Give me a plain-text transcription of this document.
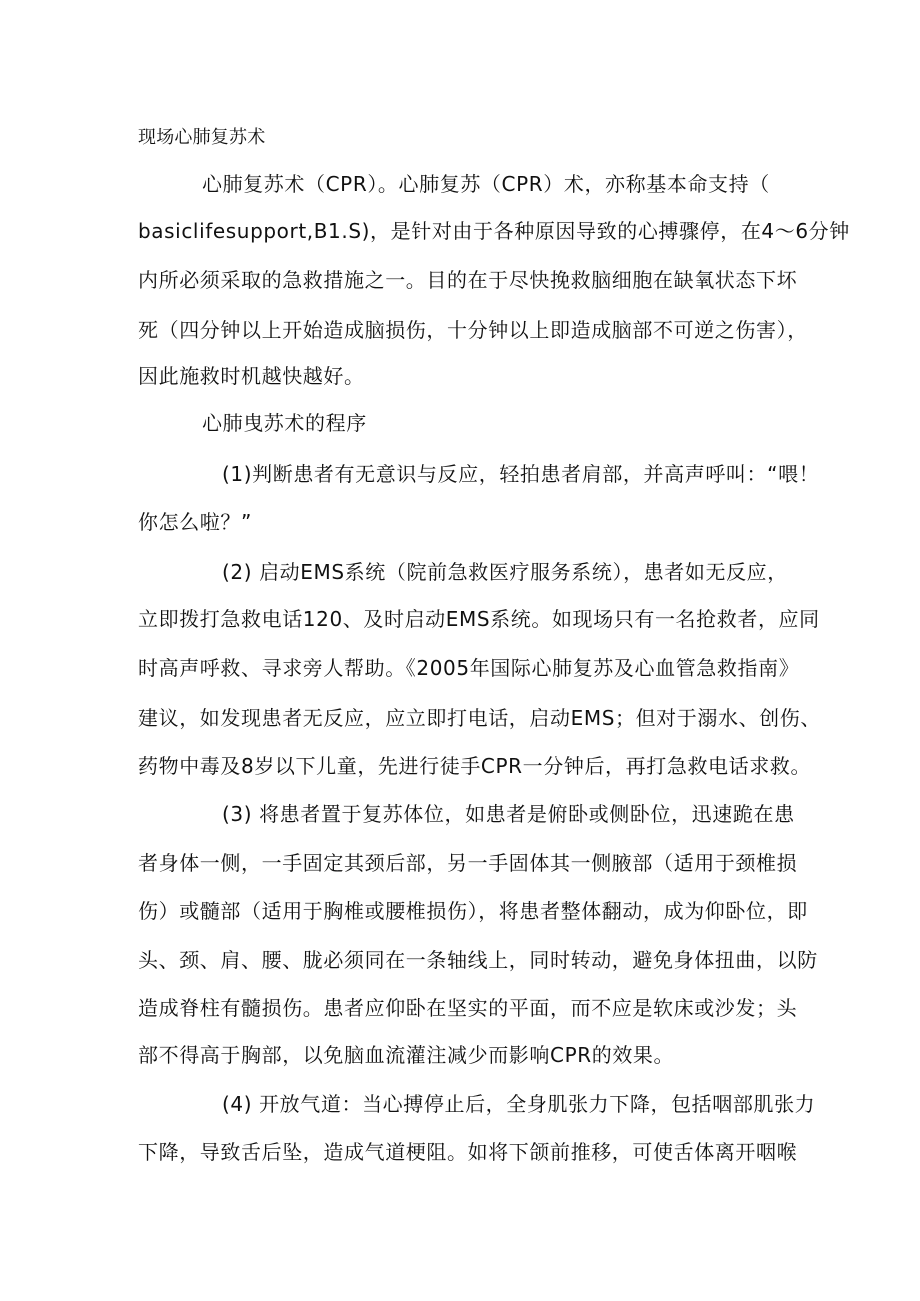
现场心肺复苏术
心肺复苏术（CPR）。心肺复苏（CPR）术，亦称基本命支持（
basiclifesupport,B1.S)，是针对由于各种原因导致的心搏骤停，在4～6分钟
内所必须采取的急救措施之一。目的在于尽快挽救脑细胞在缺氧状态下坏
死（四分钟以上开始造成脑损伤，十分钟以上即造成脑部不可逆之伤害），
因此施救时机越快越好。
心肺曳苏术的程序
(1)判断患者有无意识与反应，轻拍患者肩部，并高声呼叫：“喂！
你怎么啦？”
(2) 启动EMS系统（院前急救医疗服务系统），患者如无反应，
立即拨打急救电话120、及时启动EMS系统。如现场只有一名抢救者，应同
时高声呼救、寻求旁人帮助。《2005年国际心肺复苏及心血管急救指南》
建议，如发现患者无反应，应立即打电话，启动EMS；但对于溺水、创伤、
药物中毒及8岁以下儿童，先进行徒手CPR一分钟后，再打急救电话求救。
(3) 将患者置于复苏体位，如患者是俯卧或侧卧位，迅速跪在患
者身体一侧，一手固定其颈后部，另一手固体其一侧腋部（适用于颈椎损
伤）或髓部（适用于胸椎或腰椎损伤），将患者整体翻动，成为仰卧位，即
头、颈、肩、腰、胧必须同在一条轴线上，同时转动，避免身体扭曲，以防
造成脊柱有髓损伤。患者应仰卧在坚实的平面，而不应是软床或沙发；头
部不得高于胸部，以免脑血流灌注减少而影响CPR的效果。
(4) 开放气道：当心搏停止后，全身肌张力下降，包括咽部肌张力
下降，导致舌后坠，造成气道梗阻。如将下颌前推移，可使舌体离开咽喉
